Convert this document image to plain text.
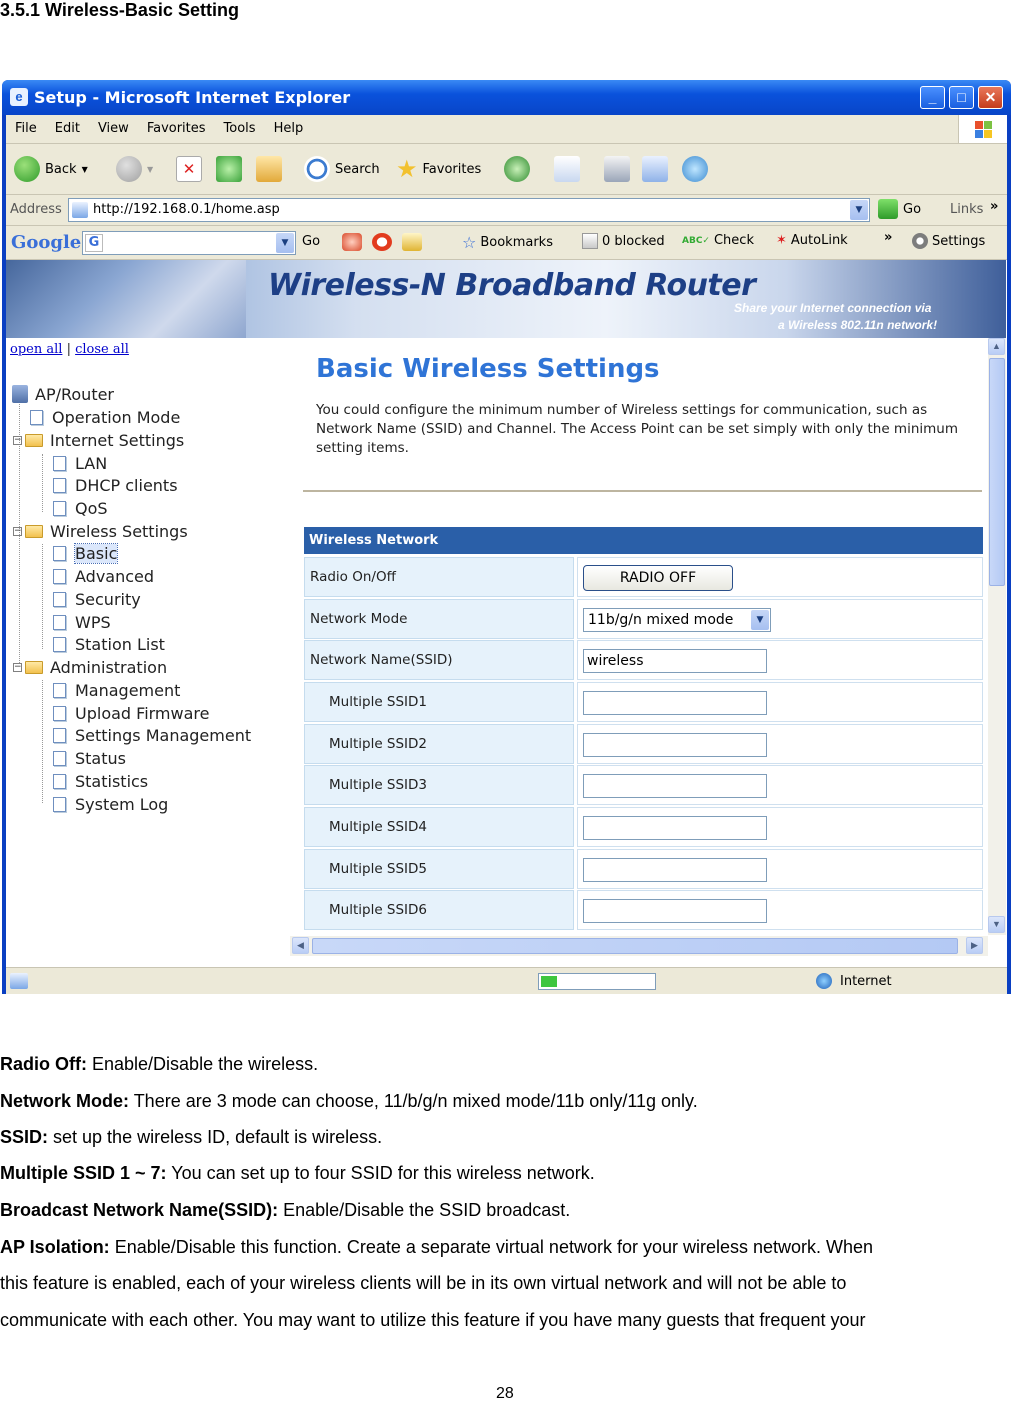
3.5.1 Wireless-Basic Setting
e Setup - Microsoft Internet Explorer	_	□	✕
File Edit View Favorites Tools Help
Back ▼	▼	✕	Search ★ Favorites
Address http://192.168.0.1/home.asp	▼	Go Links »
Google G	▼	Go	☆ Bookmarks	0 blocked ABC✓ Check ✶ AutoLink	»	Settings
Wireless-N Broadband Router
Share your Internet connection via
a Wireless 802.11n network!
open all | close all
AP/Router
Operation Mode
− Internet Settings
LAN
DHCP clients
QoS
− Wireless Settings
Basic
Advanced
Security
WPS
Station List
− Administration
Management
Upload Firmware
Settings Management
Status
Statistics
System Log
Basic Wireless Settings
You could configure the minimum number of Wireless settings for communication, such as Network Name (SSID) and Channel. The Access Point can be set simply with only the minimum setting items.
Wireless Network
Radio On/Off	RADIO OFF
Network Mode	11b/g/n mixed mode	▼
Network Name(SSID)	wireless
Multiple SSID1
Multiple SSID2
Multiple SSID3
Multiple SSID4
Multiple SSID5
Multiple SSID6
▲
▼
◀	▶
Internet
Radio Off: Enable/Disable the wireless.
Network Mode: There are 3 mode can choose, 11/b/g/n mixed mode/11b only/11g only.
SSID: set up the wireless ID, default is wireless.
Multiple SSID 1 ~ 7: You can set up to four SSID for this wireless network.
Broadcast Network Name(SSID): Enable/Disable the SSID broadcast.
AP Isolation: Enable/Disable this function. Create a separate virtual network for your wireless network. When
this feature is enabled, each of your wireless clients will be in its own virtual network and will not be able to
communicate with each other. You may want to utilize this feature if you have many guests that frequent your
28
